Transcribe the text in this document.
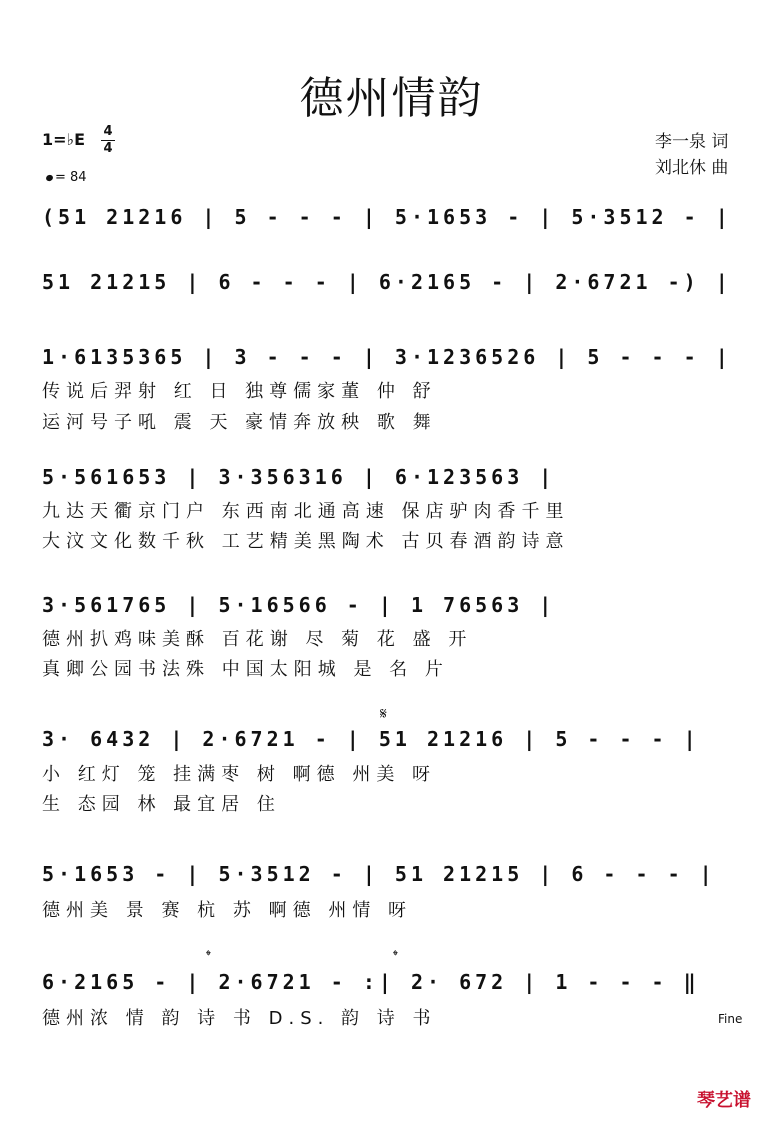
德州情韵
1=♭E 4
4
= 84
李一泉 词
刘北休 曲
(51 21216 | 5 - - - | 5·1653 - | 5·3512 - |
51 21215 | 6 - - - | 6·2165 - | 2·6721 -) |
1·6135365 | 3 - - - | 3·1236526 | 5 - - - |
传说后羿射 红 日 独尊儒家董 仲 舒
运河号子吼 震 天 豪情奔放秧 歌 舞
5·561653 | 3·356316 | 6·123563 |
九达天衢京门户 东西南北通高速 保店驴肉香千里
大汶文化数千秋 工艺精美黑陶术 古贝春酒韵诗意
3·561765 | 5·16566 - | 1 76563 |
德州扒鸡味美酥 百花谢 尽 菊 花 盛 开
真卿公园书法殊 中国太阳城 是 名 片
𝄋
3· 6432 | 2·6721 - | 51 21216 | 5 - - - |
小 红灯 笼 挂满枣 树 啊德 州美 呀
生 态园 林 最宜居 住
5·1653 - | 5·3512 - | 51 21215 | 6 - - - |
德州美 景 赛 杭 苏 啊德 州情 呀
𝄌	𝄌
6·2165 - | 2·6721 - :| 2· 672 | 1 - - - ‖
德州浓 情 韵 诗 书 D.S. 韵 诗 书	Fine
琴艺谱
